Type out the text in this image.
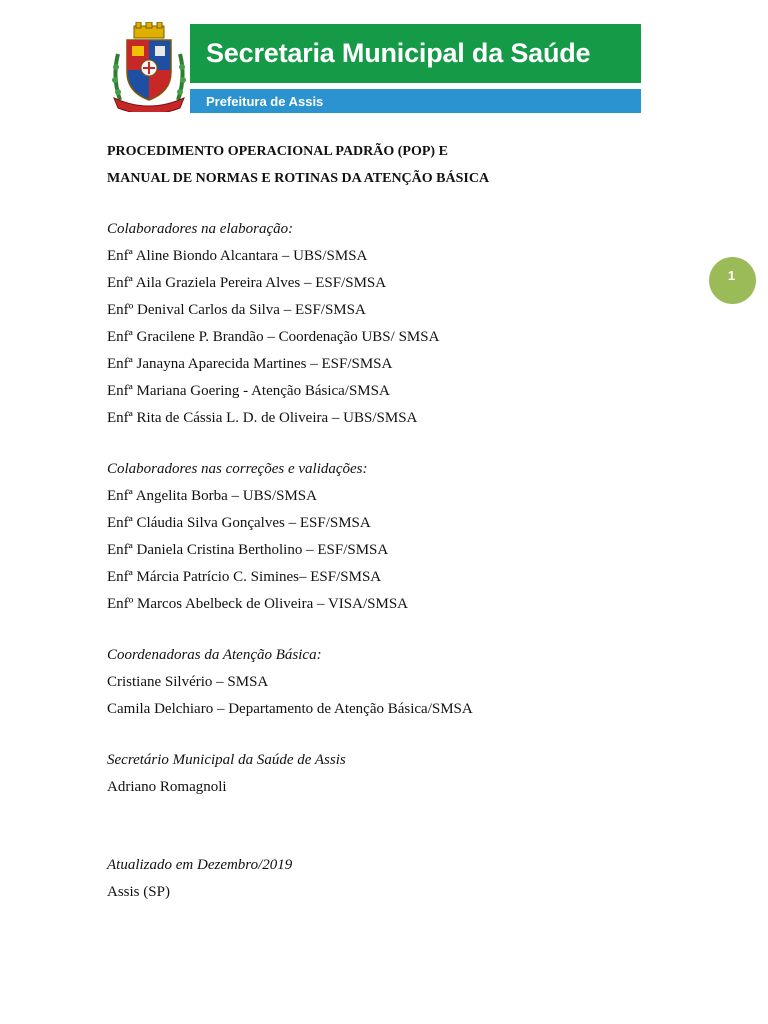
Secretaria Municipal da Saúde
Prefeitura de Assis
1

PROCEDIMENTO OPERACIONAL PADRÃO (POP) E

MANUAL DE NORMAS E ROTINAS DA ATENÇÃO BÁSICA

Colaboradores na elaboração:

Enfª Aline Biondo Alcantara – UBS/SMSA

Enfª Aila Graziela Pereira Alves – ESF/SMSA

Enfº Denival Carlos da Silva – ESF/SMSA

Enfª Gracilene P. Brandão – Coordenação UBS/ SMSA

Enfª Janayna Aparecida Martines – ESF/SMSA

Enfª Mariana Goering - Atenção Básica/SMSA

Enfª Rita de Cássia L. D. de Oliveira – UBS/SMSA

Colaboradores nas correções e validações:

Enfª Angelita Borba – UBS/SMSA

Enfª Cláudia Silva Gonçalves – ESF/SMSA

Enfª Daniela Cristina Bertholino – ESF/SMSA

Enfª Márcia Patrício C. Simines– ESF/SMSA

Enfº Marcos Abelbeck de Oliveira – VISA/SMSA

Coordenadoras da Atenção Básica:

Cristiane Silvério – SMSA

Camila Delchiaro – Departamento de Atenção Básica/SMSA

Secretário Municipal da Saúde de Assis

Adriano Romagnoli

Atualizado em Dezembro/2019

Assis (SP)
